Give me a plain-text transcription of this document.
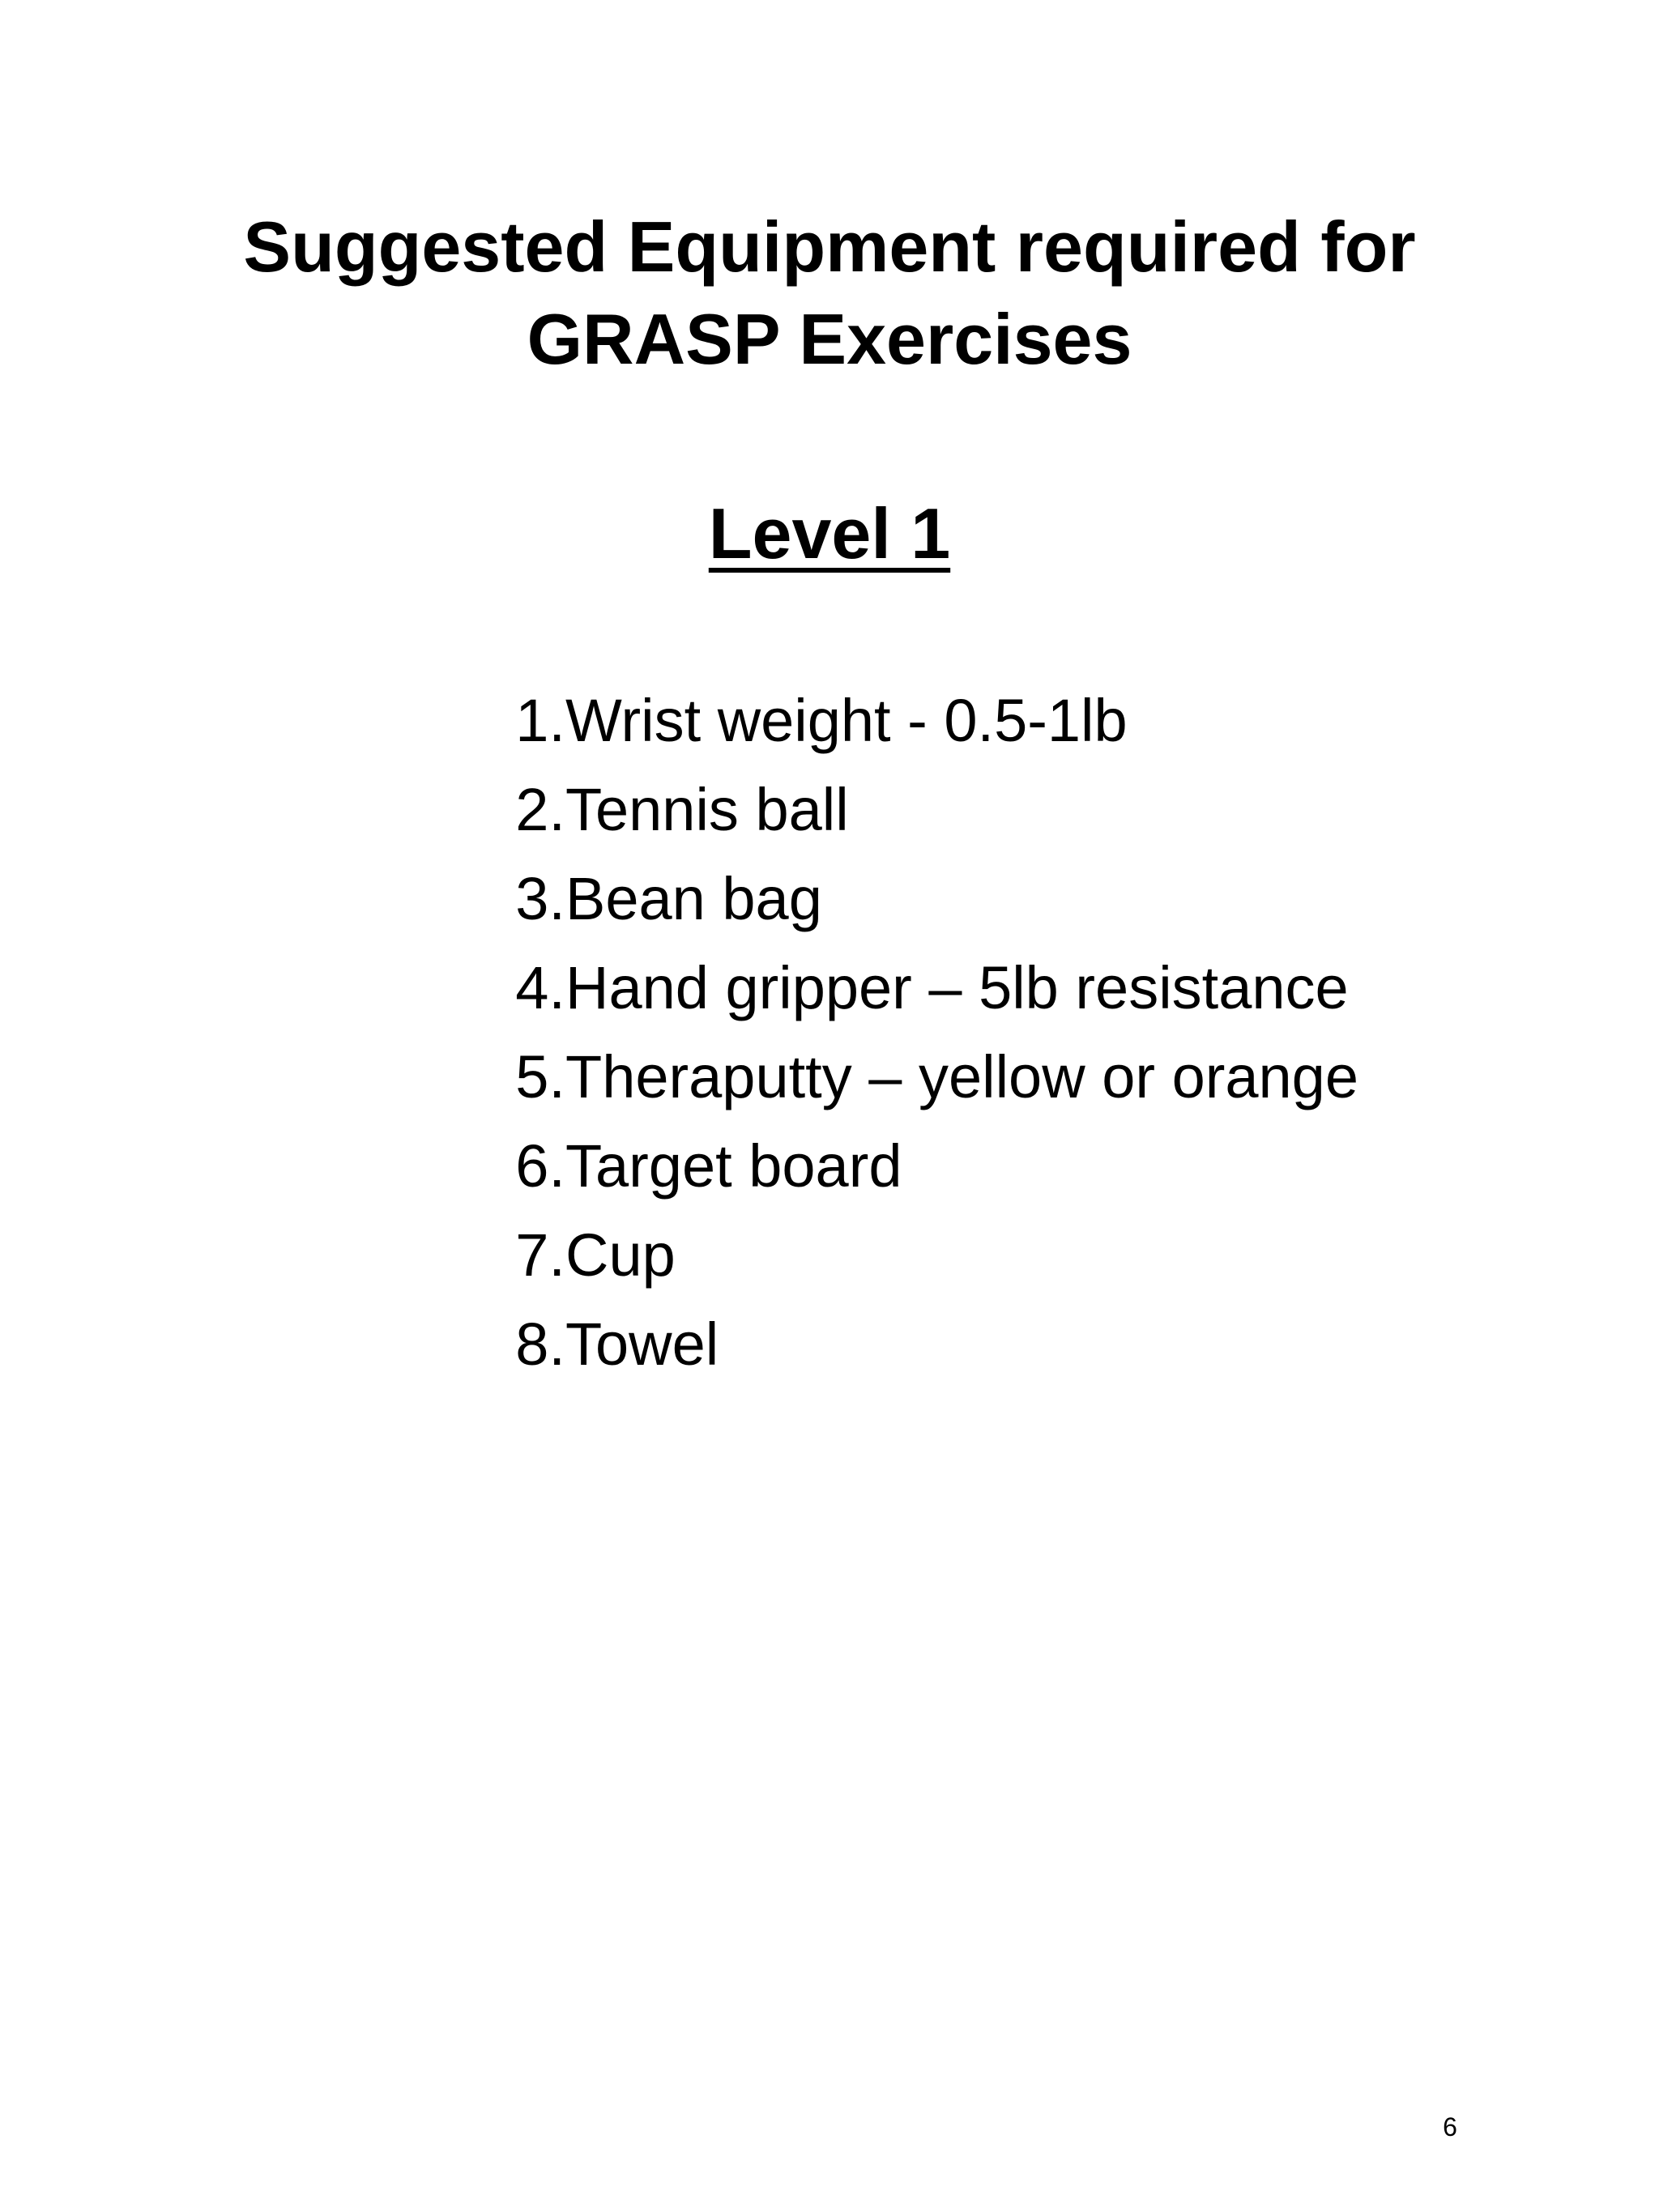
Suggested Equipment required for
GRASP Exercises
Level 1
1. Wrist weight - 0.5-1lb
2. Tennis ball
3. Bean bag
4. Hand gripper – 5lb resistance
5. Theraputty – yellow or orange
6. Target board
7. Cup
8. Towel
6
